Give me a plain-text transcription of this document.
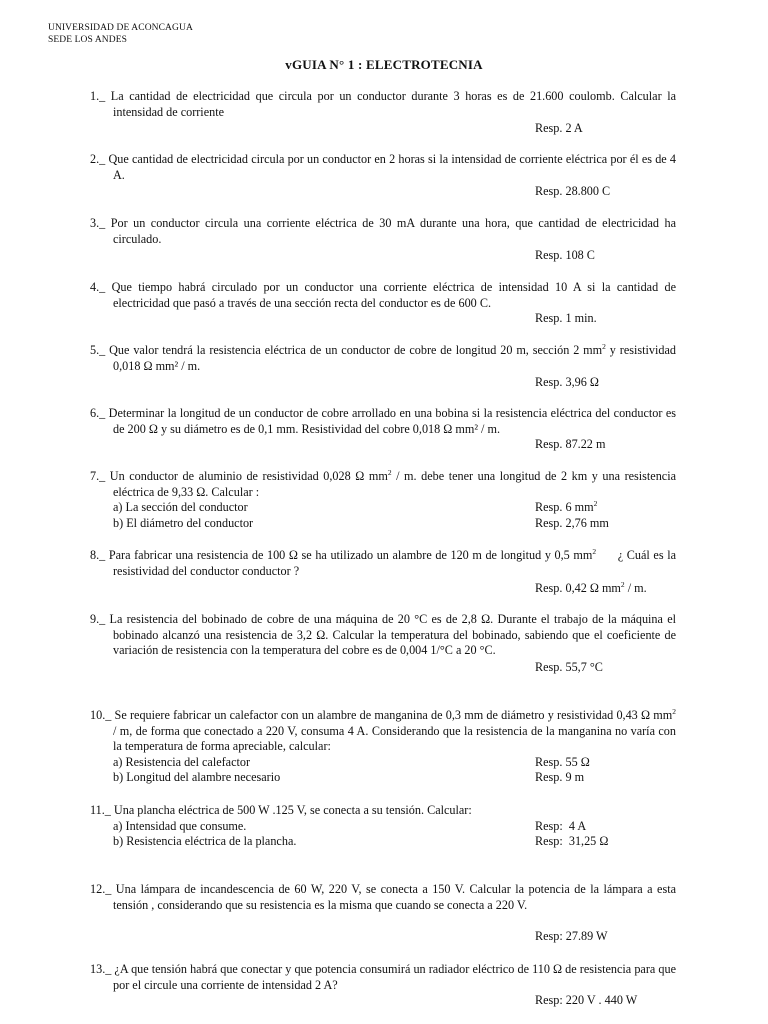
UNIVERSIDAD DE ACONCAGUA
SEDE LOS ANDES
vGUIA N° 1 : ELECTROTECNIA

1._ La cantidad de electricidad que circula por un conductor durante 3 horas es de 21.600 coulomb. Calcular la intensidad de corriente

Resp. 2 A

2._ Que cantidad de electricidad circula por un conductor en 2 horas si la intensidad de corriente eléctrica por él es de 4 A.

Resp. 28.800 C

3._ Por un conductor circula una corriente eléctrica de 30 mA durante una hora, que cantidad de electricidad ha circulado.

Resp. 108 C

4._ Que tiempo habrá circulado por un conductor una corriente eléctrica de intensidad 10 A si la cantidad de electricidad que pasó a través de una sección recta del conductor es de 600 C.

Resp. 1 min.

5._ Que valor tendrá la resistencia eléctrica de un conductor de cobre de longitud 20 m, sección 2 $mm^2$ y resistividad 0,018 Ω mm² / m.

Resp. 3,96 Ω

6._ Determinar la longitud de un conductor de cobre arrollado en una bobina si la resistencia eléctrica del conductor es de 200 Ω y su diámetro es de 0,1 mm. Resistividad del cobre 0,018 Ω mm² / m.

Resp. 87.22 m

7._ Un conductor de aluminio de resistividad 0,028 Ω $mm^2$ / m. debe tener una longitud de 2 km y una resistencia eléctrica de 9,33 Ω. Calcular :

a) La sección del conductor	Resp. 6 $mm^2$
b) El diámetro del conductor	Resp. 2,76 mm

8._ Para fabricar una resistencia de 100 Ω se ha utilizado un alambre de 120 m de longitud y 0,5 $mm^2$      ¿ Cuál es la resistividad del conductor conductor ?

Resp. 0,42 Ω $mm^2$ / m.

9._ La resistencia del bobinado de cobre de una máquina de 20 °C es de 2,8 Ω. Durante el trabajo de la máquina el bobinado alcanzó una resistencia de 3,2 Ω. Calcular la temperatura del bobinado, sabiendo que el coeficiente de variación de resistencia con la temperatura del cobre es de 0,004 1/°C a 20 °C.

Resp. 55,7 °C

10._ Se requiere fabricar un calefactor con un alambre de manganina de 0,3 mm de diámetro y resistividad 0,43 Ω $mm^2$ / m, de forma que conectado a 220 V, consuma 4 A. Considerando que la resistencia de la manganina no varía con la temperatura de forma apreciable, calcular:

a) Resistencia del calefactor	Resp. 55 Ω
b) Longitud del alambre necesario	Resp. 9 m

11._ Una plancha eléctrica de 500 W .125 V, se conecta a su tensión. Calcular:

a) Intensidad que consume.	Resp:  4 A
b) Resistencia eléctrica de la plancha.	Resp:  31,25 Ω

12._ Una lámpara de incandescencia de 60 W, 220 V, se conecta a 150 V. Calcular la potencia de la lámpara a esta tensión , considerando que su resistencia es la misma que cuando se conecta a 220 V.

Resp: 27.89 W

13._ ¿A que tensión habrá que conectar y que potencia consumirá un radiador eléctrico de 110 Ω de resistencia para que por el circule una corriente de intensidad 2 A?

Resp: 220 V . 440 W
